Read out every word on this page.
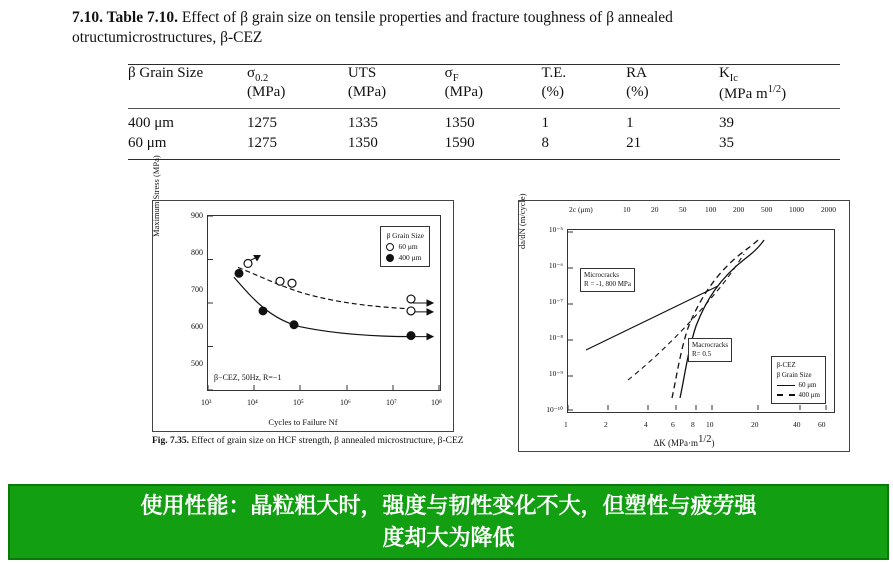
7.10. Table 7.10. Effect of β grain size on tensile properties and fracture toughness of β annealed
otructumicrostructures, β-CEZ
β Grain Size	$\sigma_{0.2}$	UTS	$\sigma_F$	T.E.	RA	$K_{Ic}$
	(MPa)	(MPa)	(MPa)	(%)	(%)	(MPa $m^{1/2}$)
400 μm	1275	1335	1350	1	1	39
60 μm	1275	1350	1590	8	21	35
Maximum Stress (MPa)	900
800
700
600
500
β Grain Size
60 μm
400 μm
β−CEZ, 50Hz, R=−1
10³	10⁴	10⁵	10⁶	10⁷	10⁸
Cycles to Failure Nf
Fig. 7.35. Effect of grain size on HCF strength, β annealed microstructure, β-CEZ
2c (μm)	10	20	50 100 200 500 1000 2000
da/dN (m/cycle)	10⁻⁵
10⁻⁶
10⁻⁷
10⁻⁸
10⁻⁹
10⁻¹⁰
Microcracks
R = -1, 800 MPa
Macrocracks
R= 0.5
β-CEZ
β Grain Size
60 μm
400 μm
1	2	4	6 8 10	20	40 60
ΔK (MPa·m1/2)
使用性能：晶粒粗大时，强度与韧性变化不大，但塑性与疲劳强
度却大为降低
